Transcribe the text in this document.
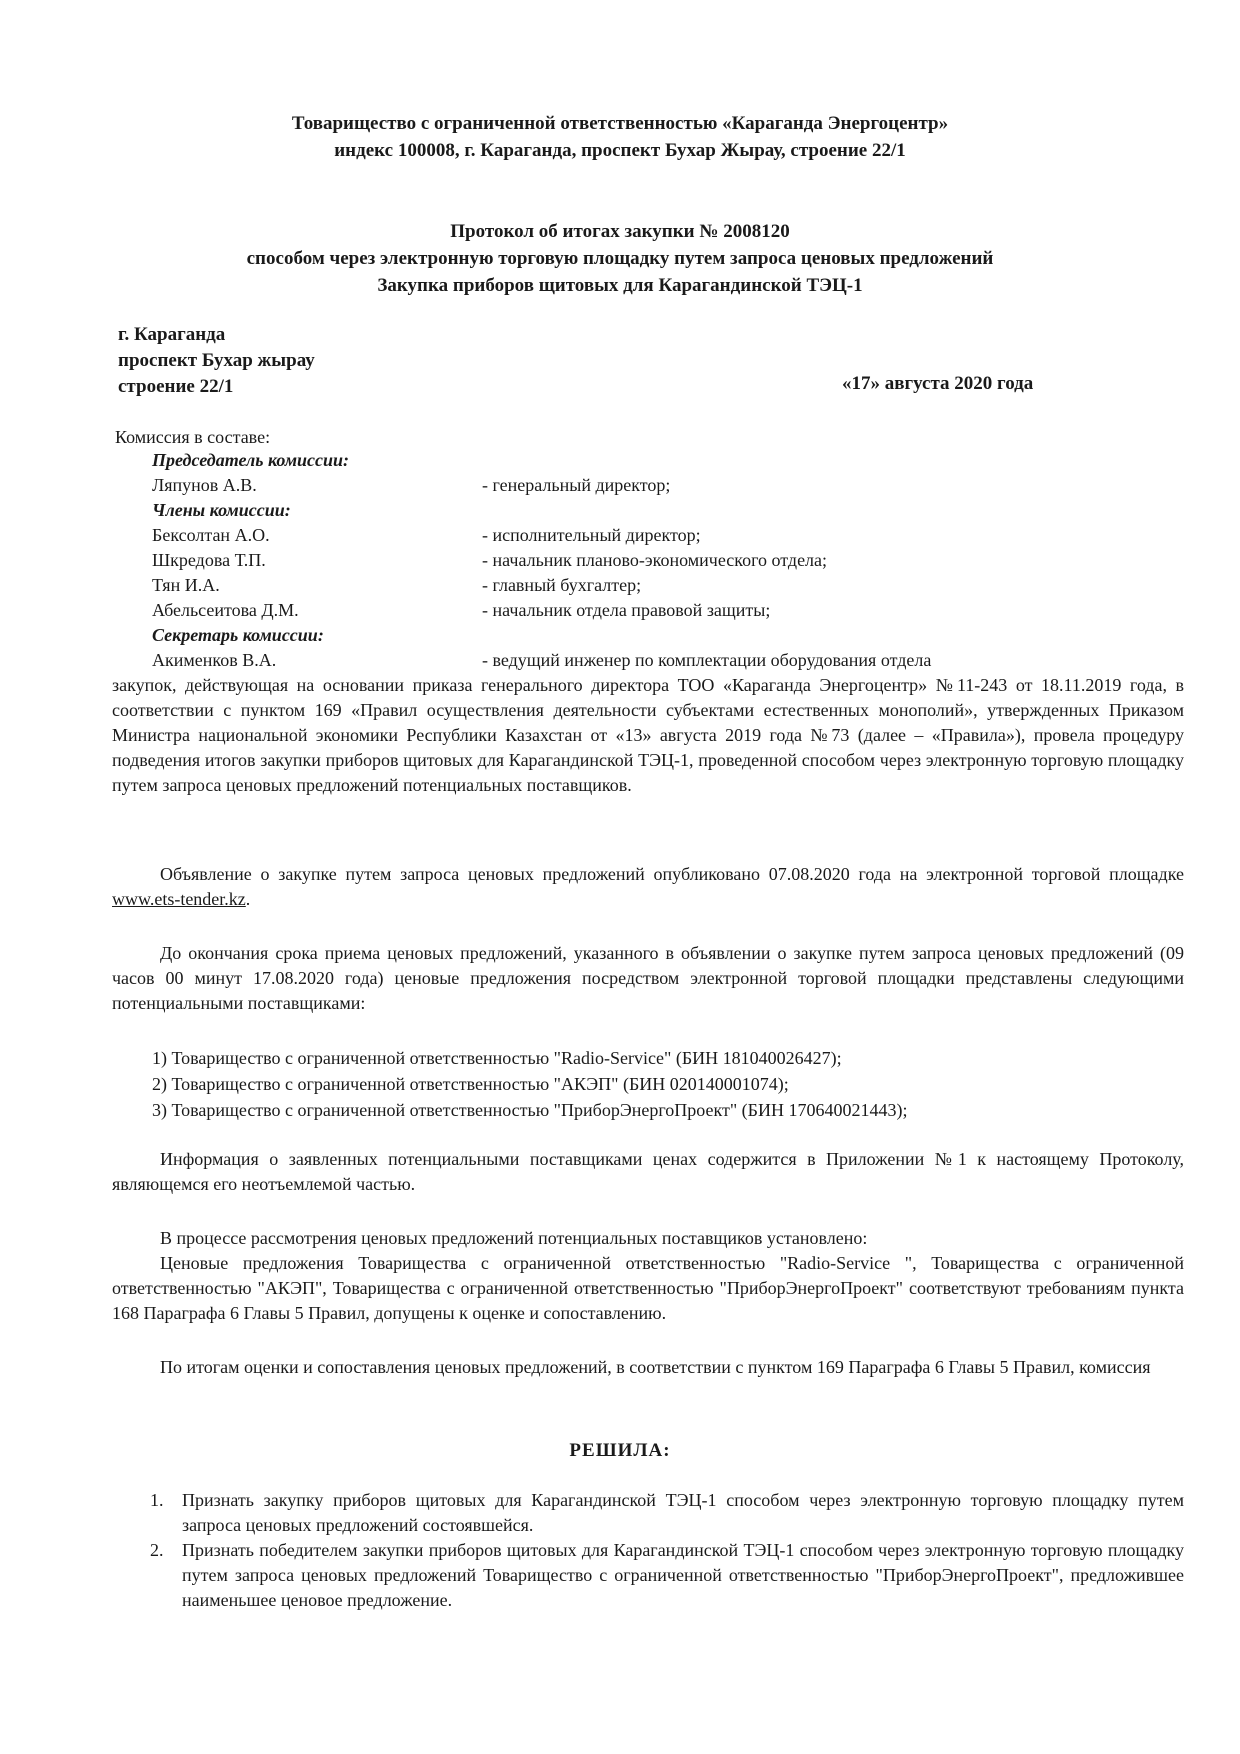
Товарищество с ограниченной ответственностью «Караганда Энергоцентр»
индекс 100008, г. Караганда, проспект Бухар Жырау, строение 22/1
Протокол об итогах закупки № 2008120
способом через электронную торговую площадку путем запроса ценовых предложений
Закупка приборов щитовых для Карагандинской ТЭЦ-1
г. Караганда
проспект Бухар жырау
строение 22/1	«17» августа 2020 года
Комиссия в составе:
Председатель комиссии:
Ляпунов А.В.	- генеральный директор;
Члены комиссии:
Бексолтан А.О.	- исполнительный директор;
Шкредова Т.П.	- начальник планово-экономического отдела;
Тян И.А.	- главный бухгалтер;
Абельсеитова Д.М.	- начальник отдела правовой защиты;
Секретарь комиссии:
Акименков В.А.	- ведущий инженер по комплектации оборудования отдела
закупок, действующая на основании приказа генерального директора ТОО «Караганда Энергоцентр» №11-243 от 18.11.2019 года, в соответствии с пунктом 169 «Правил осуществления деятельности субъектами естественных монополий», утвержденных Приказом Министра национальной экономики Республики Казахстан от «13» августа 2019 года №73 (далее – «Правила»), провела процедуру подведения итогов закупки приборов щитовых для Карагандинской ТЭЦ-1, проведенной способом через электронную торговую площадку путем запроса ценовых предложений потенциальных поставщиков.
Объявление о закупке путем запроса ценовых предложений опубликовано 07.08.2020 года на электронной торговой площадке www.ets-tender.kz.
До окончания срока приема ценовых предложений, указанного в объявлении о закупке путем запроса ценовых предложений (09 часов 00 минут 17.08.2020 года) ценовые предложения посредством электронной торговой площадки представлены следующими потенциальными поставщиками:
1) Товарищество с ограниченной ответственностью "Radio-Service" (БИН 181040026427);
2) Товарищество с ограниченной ответственностью "АКЭП" (БИН 020140001074);
3) Товарищество с ограниченной ответственностью "ПриборЭнергоПроект" (БИН 170640021443);
Информация о заявленных потенциальными поставщиками ценах содержится в Приложении №1 к настоящему Протоколу, являющемся его неотъемлемой частью.
В процессе рассмотрения ценовых предложений потенциальных поставщиков установлено:
Ценовые предложения Товарищества с ограниченной ответственностью "Radio-Service ", Товарищества с ограниченной ответственностью "АКЭП", Товарищества с ограниченной ответственностью "ПриборЭнергоПроект" соответствуют требованиям пункта 168 Параграфа 6 Главы 5 Правил, допущены к оценке и сопоставлению.
По итогам оценки и сопоставления ценовых предложений, в соответствии с пунктом 169 Параграфа 6 Главы 5 Правил, комиссия
РЕШИЛА:
1. Признать закупку приборов щитовых для Карагандинской ТЭЦ-1 способом через электронную торговую площадку путем запроса ценовых предложений состоявшейся.
2. Признать победителем закупки приборов щитовых для Карагандинской ТЭЦ-1 способом через электронную торговую площадку путем запроса ценовых предложений Товарищество с ограниченной ответственностью "ПриборЭнергоПроект", предложившее наименьшее ценовое предложение.
